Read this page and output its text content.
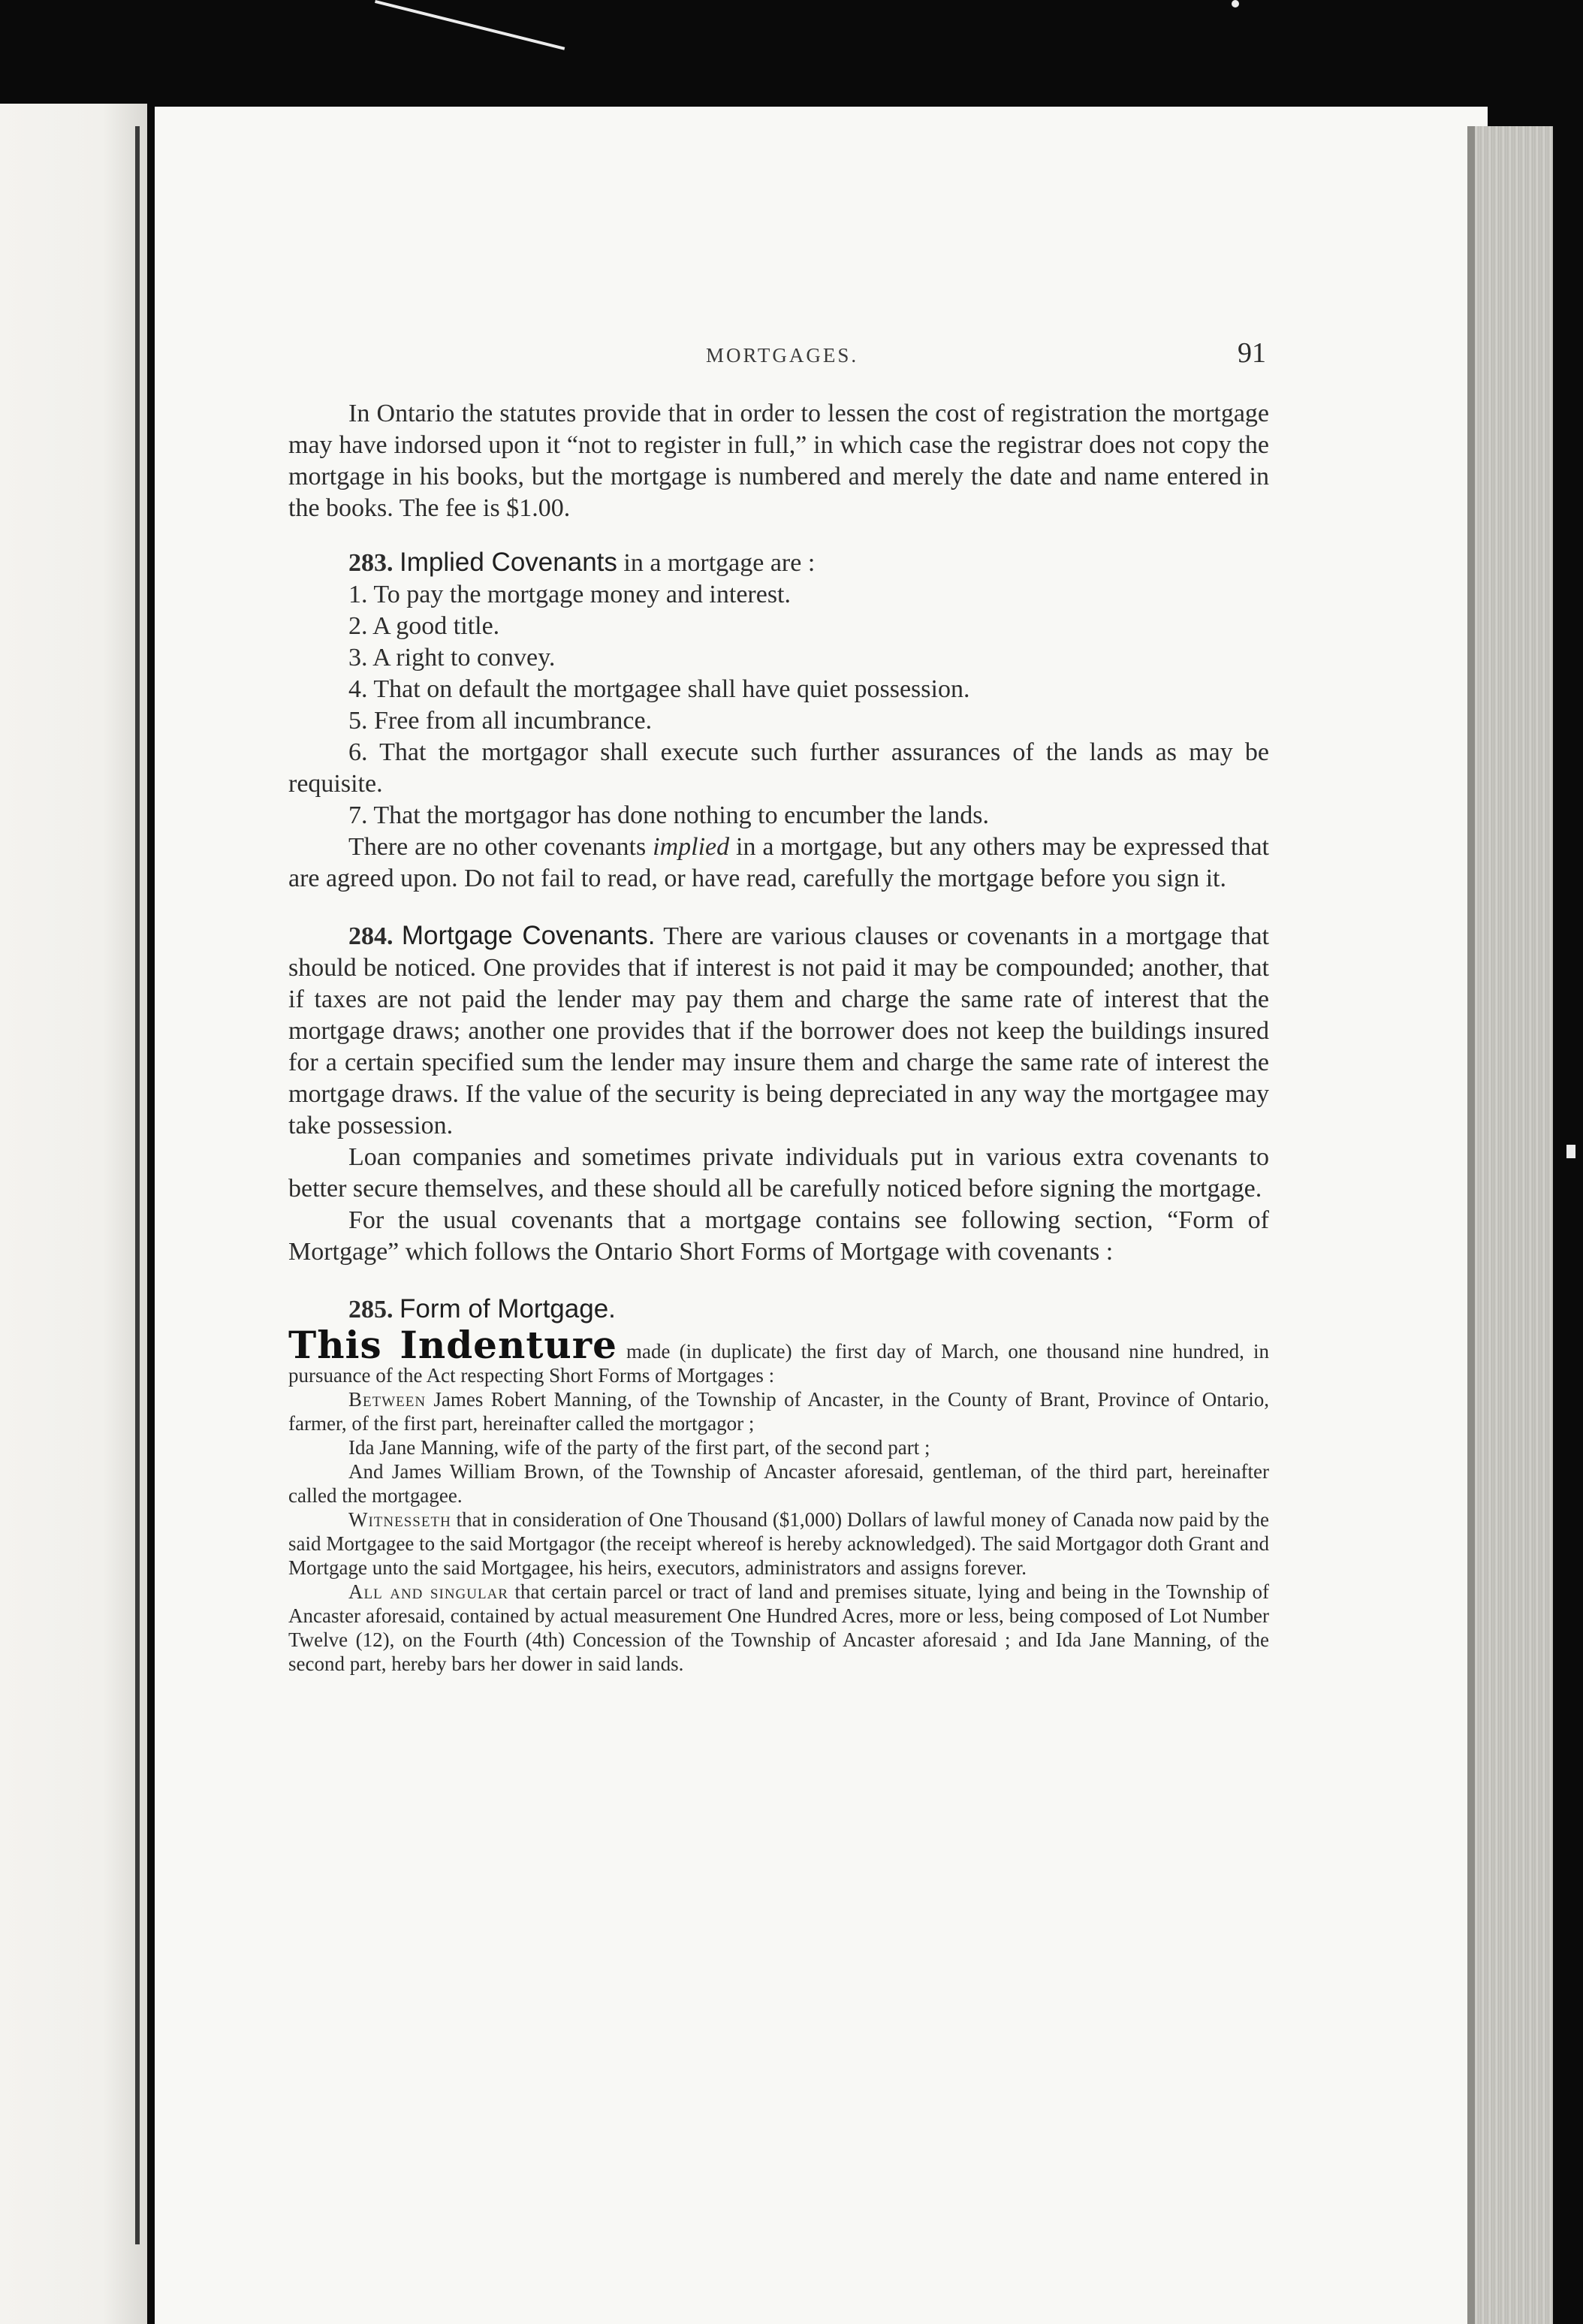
MORTGAGES.	91

In Ontario the statutes provide that in order to lessen the cost of registration the mortgage may have indorsed upon it “not to register in full,” in which case the registrar does not copy the mortgage in his books, but the mortgage is numbered and merely the date and name entered in the books. The fee is $1.00.

283. Implied Covenants in a mortgage are :

1. To pay the mortgage money and interest.
2. A good title.
3. A right to convey.
4. That on default the mortgagee shall have quiet possession.
5. Free from all incumbrance.
6. That the mortgagor shall execute such further assurances of the lands as may be requisite.
7. That the mortgagor has done nothing to encumber the lands.

There are no other covenants implied in a mortgage, but any others may be expressed that are agreed upon. Do not fail to read, or have read, carefully the mortgage before you sign it.

284. Mortgage Covenants. There are various clauses or covenants in a mortgage that should be noticed. One provides that if interest is not paid it may be compounded; another, that if taxes are not paid the lender may pay them and charge the same rate of interest that the mortgage draws; another one provides that if the borrower does not keep the buildings insured for a certain specified sum the lender may insure them and charge the same rate of interest the mortgage draws. If the value of the security is being depreciated in any way the mortgagee may take possession.

Loan companies and sometimes private individuals put in various extra covenants to better secure themselves, and these should all be carefully noticed before signing the mortgage.

For the usual covenants that a mortgage contains see following section, “Form of Mortgage” which follows the Ontario Short Forms of Mortgage with covenants :

285. Form of Mortgage.

This Indenture made (in duplicate) the first day of March, one thousand nine hundred, in pursuance of the Act respecting Short Forms of Mortgages :

Between James Robert Manning, of the Township of Ancaster, in the County of Brant, Province of Ontario, farmer, of the first part, hereinafter called the mortgagor ;

Ida Jane Manning, wife of the party of the first part, of the second part ;

And James William Brown, of the Township of Ancaster aforesaid, gentleman, of the third part, hereinafter called the mortgagee.

Witnesseth that in consideration of One Thousand ($1,000) Dollars of lawful money of Canada now paid by the said Mortgagee to the said Mortgagor (the receipt whereof is hereby acknowledged). The said Mortgagor doth Grant and Mortgage unto the said Mortgagee, his heirs, executors, administrators and assigns forever.

All and singular that certain parcel or tract of land and premises situate, lying and being in the Township of Ancaster aforesaid, contained by actual measurement One Hundred Acres, more or less, being composed of Lot Number Twelve (12), on the Fourth (4th) Concession of the Township of Ancaster aforesaid ; and Ida Jane Manning, of the second part, hereby bars her dower in said lands.
